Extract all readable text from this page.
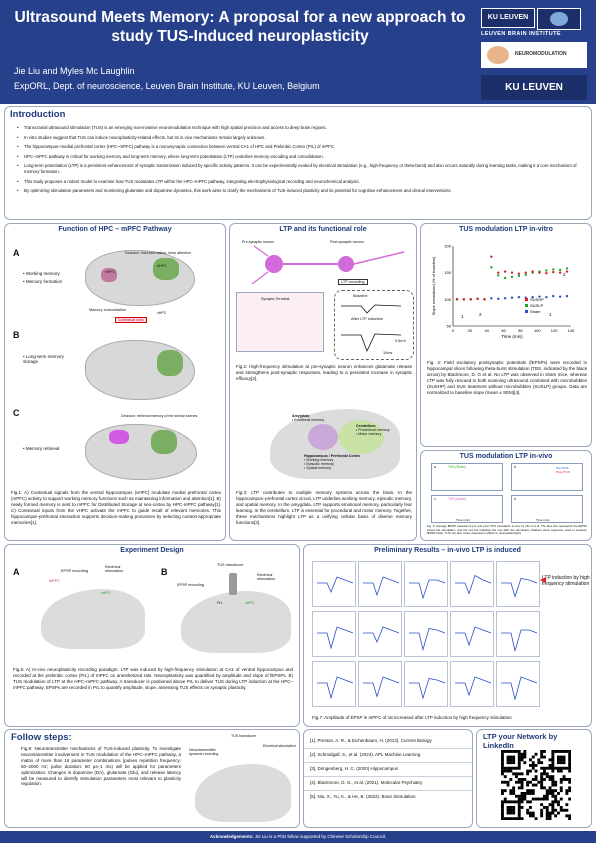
Ultrasound Meets Memory: A proposal for a new approach to study TUS-Induced neuroplasticity
Jie Liu and Myles Mc Laughlin
ExpORL, Dept. of neuroscience, Leuven Brain Institute, KU Leuven, Belgium
KU LEUVEN
LEUVEN BRAIN INSTITUTE
NEUROMODULATION
KU LEUVEN
Introduction
• Transcranial ultrasound stimulation (TUS) is an emerging non-invasive neuromodulation technique with high spatial precision and access to deep brain regions.
• In vitro studies suggest that TUS can induce neuroplasticity-related effects, but its in vivo mechanisms remain largely unknown.
• The hippocampus–medial prefrontal cortex (HPC–mPFC) pathway is a monosynaptic connection between ventral CA1 of HPC and Prelimbic Cortex (PrL) of mPFC.
• HPC–mPFC pathway is critical for working memory and long-term memory, where long-term potentiation (LTP) underlies memory encoding and consolidation.
• Long-term potentiation (LTP) is a persistent enhancement of synaptic transmission induced by specific activity patterns. It can be experimentally evoked by electrical stimulation (e.g., high-frequency or theta-burst) and also occurs naturally during learning tasks, making it a core mechanism of memory formation.
• This study proposes a rodent model to examine how TUS modulates LTP within the HPC–mPFC pathway, integrating electrophysiological recording and neurochemical analysis.
• By optimizing stimulation parameters and monitoring glutamate and dopamine dynamics, this work aims to clarify the mechanisms of TUS-induced plasticity and its potential for cognitive enhancement and clinical interventions.
Function of HPC – mPFC Pathway
A
• Working memory
• Memory formation
mPFC
dHPC
Decision: hold information, keep attention
Memory consolidation
Contextual cues
vHPC
B
• Long-term memory storage
C
• Memory retrieval
Decision: retrieval memory of the similar scenes
Fig.1: A) Contextual signals from the ventral hippocampus (vHPC) modulate medial prefrontal cortex (mPFC) activity to support working memory functions such as maintaining information and attention[1]. B) newly formed memory is sent to mPFC for Distributed Storage at neo-cortex by HPC-mPFC pathway[1]. C) Contextual inputs from the vHPC activate the mPFC to guide recall of relevant memories. This hippocampal–prefrontal interaction supports decision-making processes by selecting context-appropriate memories[1].
LTP and its functional role
Pre-synaptic neuron	Post-synaptic neuron
LTP recording
Synaptic Terminal
Baseline
After LTP induction
0.5mV
10ms
Fig.2: High-frequency stimulation at pre-synaptic neuron enhances glutamate release and strengthens post-synaptic responses, leading to a persistent increase in synaptic efficacy[2].
Amygdala
• Emotional memory
Cerebellum
• Procedural memory
• Motor memory
Hippocampus / Prefrontal Cortex
• Working memory
• Episodic memory
• Spatial memory
Fig.3: LTP contributes to multiple memory systems across the brain. In the hippocampus–prefrontal cortex circuit, LTP underlies working memory, episodic memory, and spatial memory. In the amygdala, LTP supports emotional memory, particularly fear learning. In the cerebellum, LTP is essential for procedural and motor memory. Together, these mechanisms highlight LTP as a unifying cellular basis of diverse memory functions[3].
TUS modulation LTP in-vitro
50
100
150
200
0	20	40	60	80	100	120	140
Time (min)
Slope normalized (% of baseline)	SUSHP
SUSLP
Sham
1	2	1
2
Fig. 4: Field excitatory postsynaptic potentials (fEPSPs) were recorded in hippocampal slices following theta-burst stimulation (TBS, indicated by the black arrow) by Blackmore, D. G et al. No LTP was observed in sham mice, whereas LTP was fully rescued in both scanning ultrasound combined with microbubbles (SUSHP) and SUS treatment without microbubbles (SUSLP) groups. Data are normalized to baseline slope (mean ± SEM)[4].
TUS modulation LTP in-vivo
a	TUS (Sham)	b	Pre-fTUS
Post-fTUS
c	TUS (Active)
Time (min)
d
Time (ms)
Fig. 5: Average fEPSP waveforms pre and post fTUS stimulation in-vivo by Niu X et al. The blue line represents the fEPSP before the stimulation, and the red line indicates the one after the stimulation. Markers show segments used to measure fEPSP slope. TUS can also cause depression effects to neuroplasticity[5].
Experiment Design
A	EPSP recording
Electrical stimulation
mPFC
vHPC
B
TUS transducer
EPSP recording
Electrical stimulation
PrL	vHPC
Fig.6: A) In-vivo neuroplasticity recording paradigm. LTP was induced by high-frequency stimulation at CA1 of ventral hippocampus and recorded at the prelimbic cortex (PrL) of mPFC on anesthetized rats. Neuroplasticity was quantified by amplitude and slope of fEPSPs. B) TUS modulation of LTP at the HPC–mPFC pathway. A transducer is positioned above PrL to deliver TUS during LTP induction at the HPC–mPFC pathway. EPSPs are recorded in PrL to quantify amplitude, slope, assessing TUS effects on synaptic plasticity.
Preliminary Results – in-vivo LTP is induced
LTP induction by high frequency stimulation
Fig.7: Amplitude of EPSP in mPFC of rat increased after LTP induction by high frequency stimulation
Follow steps:
Fig.8: Neurotransmitter mechanisms of TUS-induced plasticity. To investigate neurotransmitter involvement in TUS modulation of the HPC–mPFC pathway, a matrix of more than 16 parameter combinations (pulses repetition frequency: 50–2000 Hz; pulse duration: 50 μs–1 ms) will be applied for parameters optimization. Changes in dopamine (DA), glutamate (Glu), and release latency will be measured to identify stimulation parameters most relevant to plasticity regulation.
Neurotransmitter dynamic recording
TUS transducer
Electrical stimulation
[1]. Preston, A. R., & Eichenbaum, H. (2013). Current Biology
[2]. Schmidgall, S., et al. (2024). APL Machine Learning
[3]. Dringenberg, H. C. (2020) Hippocampus
[4]. Blackmore, D. G., et al. (2021). Molecular Psychiatry
[5]. Niu, X., Yu, K., & He, B. (2022). Brain Stimulation
LTP your Network by LinkedIn
Acknowledgements: Jie Liu is a PhD fellow supported by Chinese Scholarship Council.
